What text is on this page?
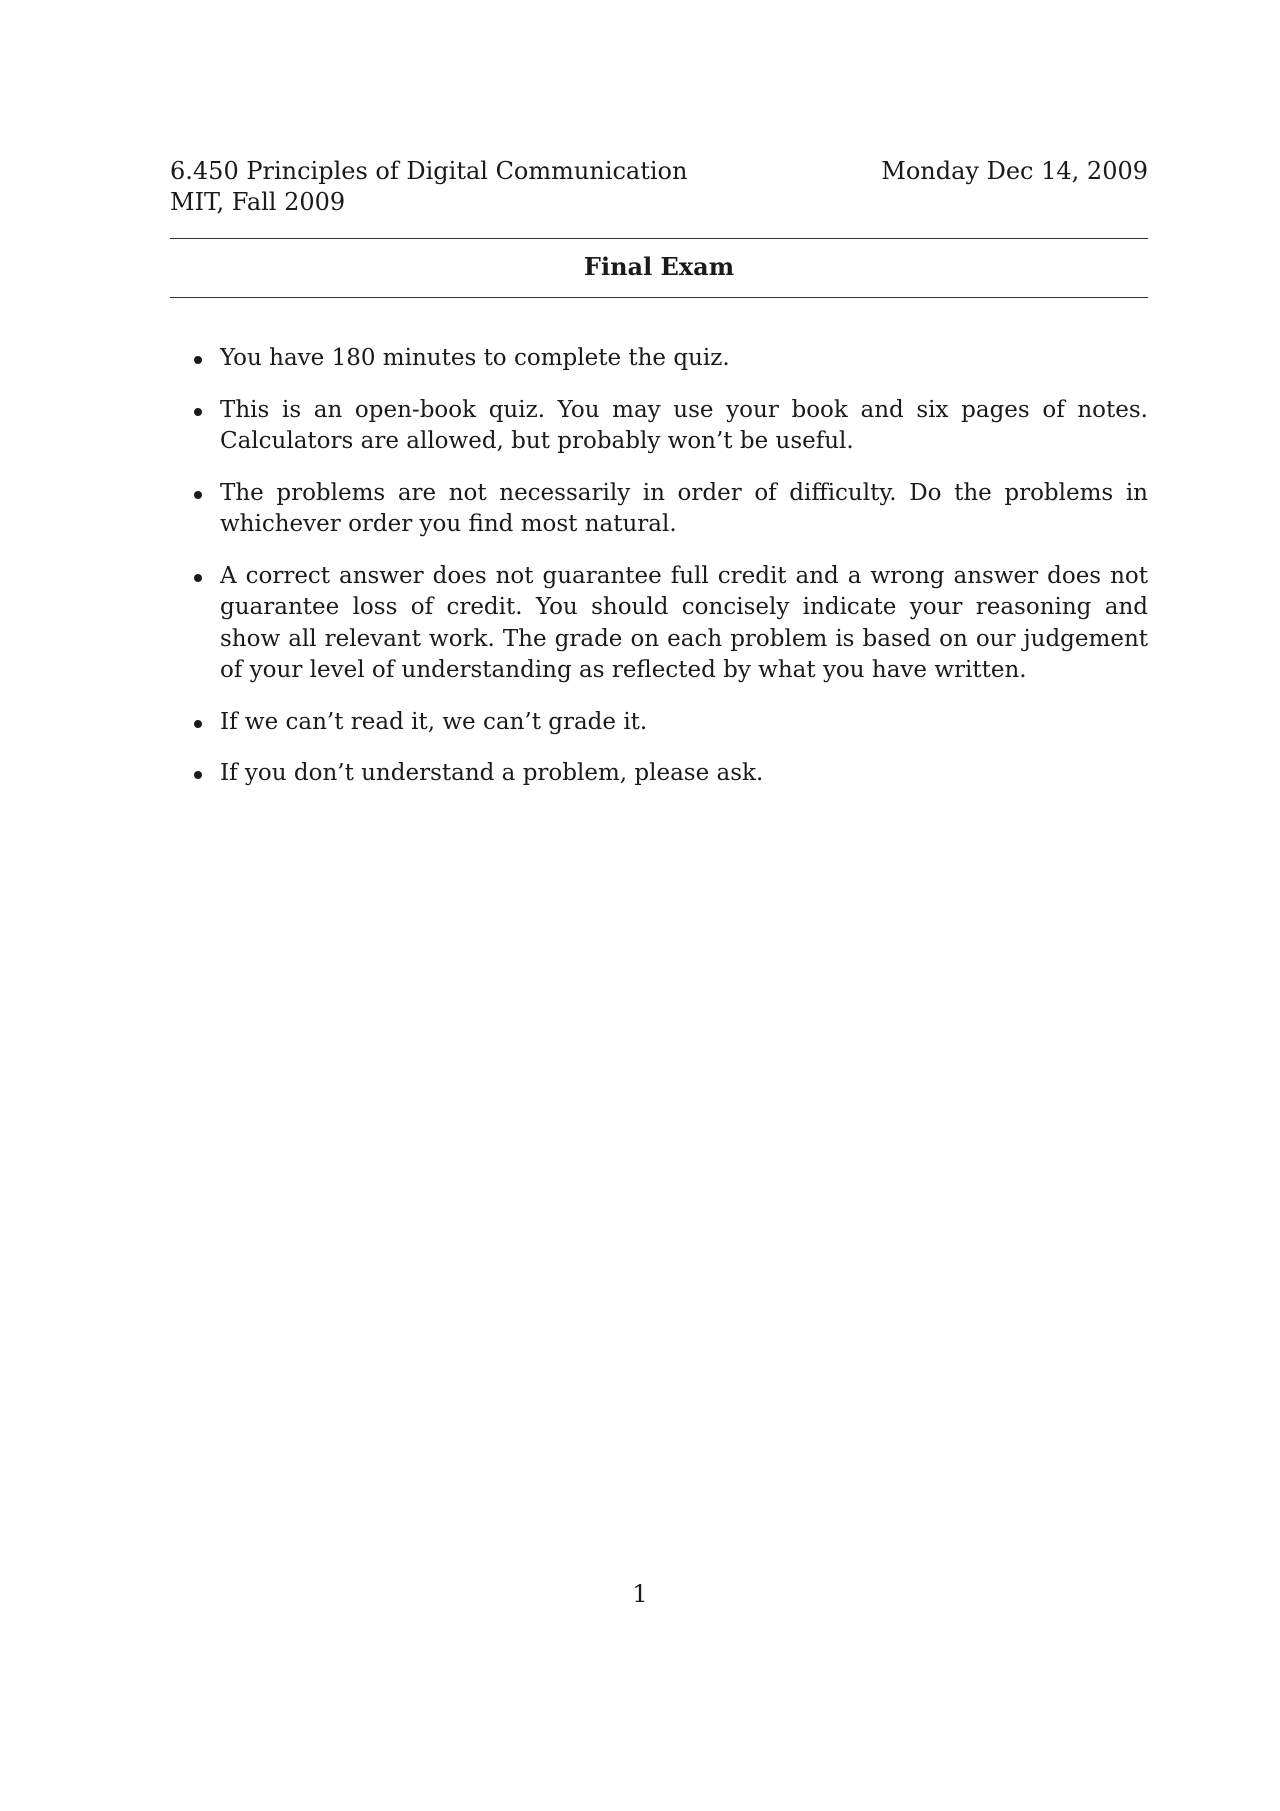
6.450 Principles of Digital Communication
MIT, Fall 2009
Monday Dec 14, 2009
Final Exam
You have 180 minutes to complete the quiz.
This is an open-book quiz. You may use your book and six pages of notes. Calculators are allowed, but probably won’t be useful.
The problems are not necessarily in order of difficulty. Do the problems in whichever order you find most natural.
A correct answer does not guarantee full credit and a wrong answer does not guarantee loss of credit. You should concisely indicate your reasoning and show all relevant work. The grade on each problem is based on our judgement of your level of understanding as reflected by what you have written.
If we can’t read it, we can’t grade it.
If you don’t understand a problem, please ask.
1
